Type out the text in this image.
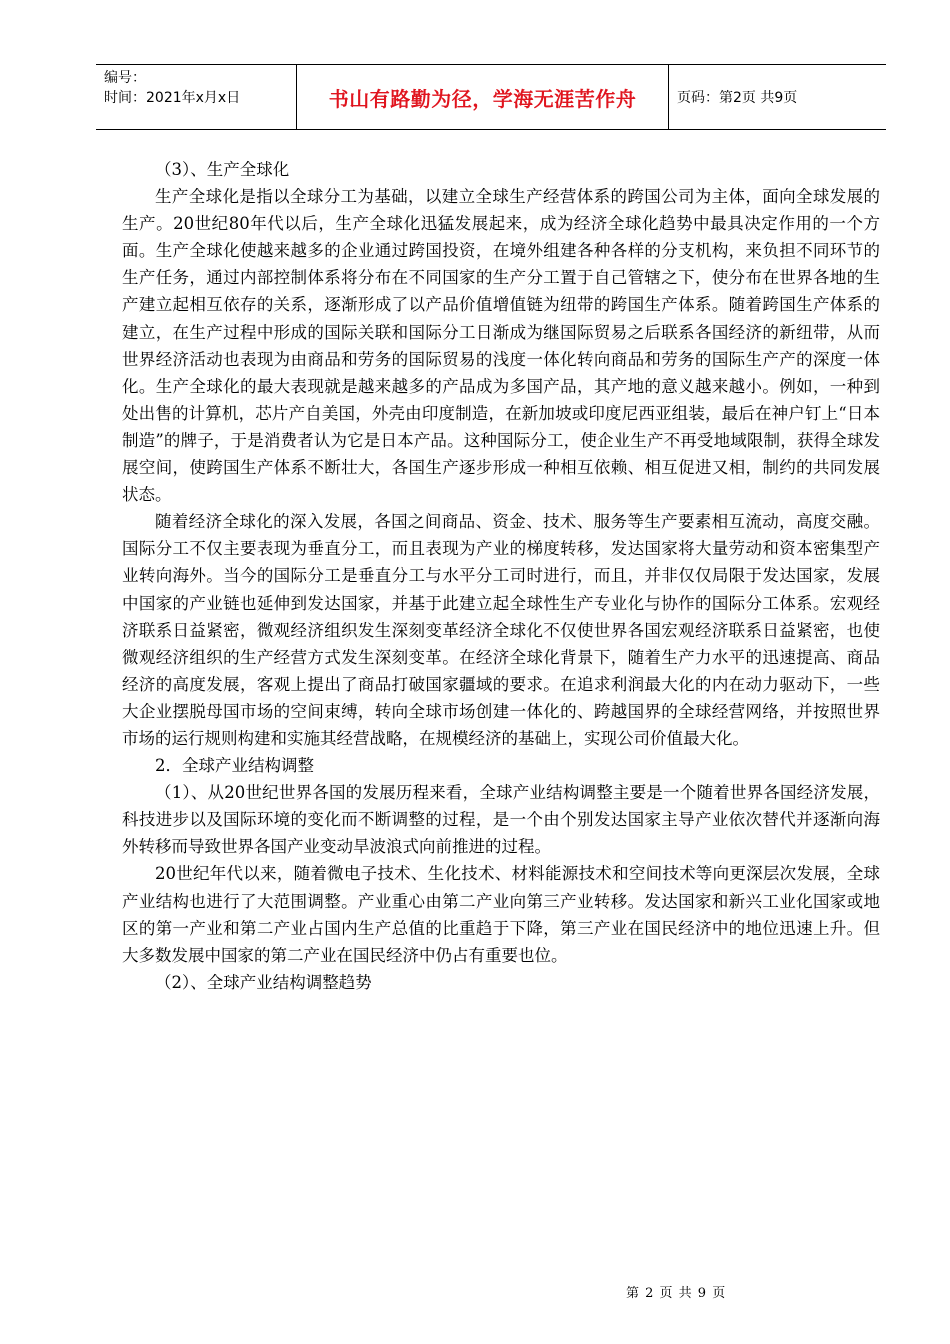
编号：
时间：2021年x月x日	书山有路勤为径，学海无涯苦作舟	页码：第2页 共9页

（3）、生产全球化

生产全球化是指以全球分工为基础，以建立全球生产经营体系的跨国公司为主体，面向全球发展的生产。20世纪80年代以后，生产全球化迅猛发展起来，成为经济全球化趋势中最具决定作用的一个方面。生产全球化使越来越多的企业通过跨国投资，在境外组建各种各样的分支机构，来负担不同环节的生产任务，通过内部控制体系将分布在不同国家的生产分工置于自己管辖之下，使分布在世界各地的生产建立起相互依存的关系，逐渐形成了以产品价值增值链为纽带的跨国生产体系。随着跨国生产体系的建立，在生产过程中形成的国际关联和国际分工日渐成为继国际贸易之后联系各国经济的新纽带，从而世界经济活动也表现为由商品和劳务的国际贸易的浅度一体化转向商品和劳务的国际生产产的深度一体化。生产全球化的最大表现就是越来越多的产品成为多国产品，其产地的意义越来越小。例如，一种到处出售的计算机，芯片产自美国，外壳由印度制造，在新加坡或印度尼西亚组装，最后在神户钉上“日本制造”的牌子，于是消费者认为它是日本产品。这种国际分工，使企业生产不再受地域限制，获得全球发展空间，使跨国生产体系不断壮大，各国生产逐步形成一种相互依赖、相互促进又相，制约的共同发展状态。

随着经济全球化的深入发展，各国之间商品、资金、技术、服务等生产要素相互流动，高度交融。国际分工不仅主要表现为垂直分工，而且表现为产业的梯度转移，发达国家将大量劳动和资本密集型产业转向海外。当今的国际分工是垂直分工与水平分工司时进行，而且，并非仅仅局限于发达国家，发展中国家的产业链也延伸到发达国家，并基于此建立起全球性生产专业化与协作的国际分工体系。宏观经济联系日益紧密，微观经济组织发生深刻变革经济全球化不仅使世界各国宏观经济联系日益紧密，也使微观经济组织的生产经营方式发生深刻变革。在经济全球化背景下，随着生产力水平的迅速提高、商品经济的高度发展，客观上提出了商品打破国家疆域的要求。在追求利润最大化的内在动力驱动下，一些大企业摆脱母国市场的空间束缚，转向全球市场创建一体化的、跨越国界的全球经营网络，并按照世界市场的运行规则构建和实施其经营战略，在规模经济的基础上，实现公司价值最大化。

2．全球产业结构调整

（1）、从20世纪世界各国的发展历程来看，全球产业结构调整主要是一个随着世界各国经济发展，科技进步以及国际环境的变化而不断调整的过程，是一个由个别发达国家主导产业依次替代并逐渐向海外转移而导致世界各国产业变动旱波浪式向前推进的过程。

20世纪年代以来，随着微电子技术、生化技术、材料能源技术和空间技术等向更深层次发展，全球产业结构也进行了大范围调整。产业重心由第二产业向第三产业转移。发达国家和新兴工业化国家或地区的第一产业和第二产业占国内生产总值的比重趋于下降，第三产业在国民经济中的地位迅速上升。但大多数发展中国家的第二产业在国民经济中仍占有重要也位。

（2）、全球产业结构调整趋势

第 2 页 共 9 页
